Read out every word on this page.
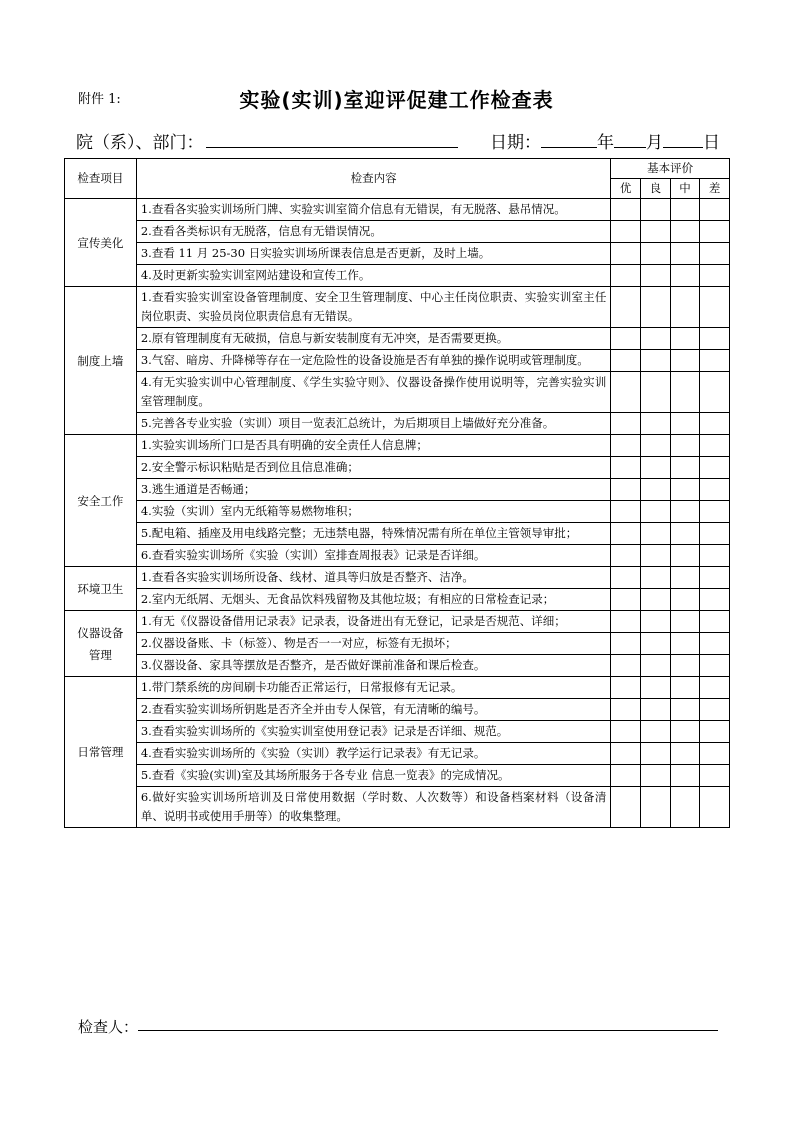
附件 1:	实验(实训)室迎评促建工作检查表
院（系）、部门：	日期：	年 月 日
检查项目	检查内容	基本评价			
		优	良	中	差

宣传美化	1.查看各实验实训场所门牌、实验实训室简介信息有无错误，有无脱落、悬吊情况。				

	2.查看各类标识有无脱落，信息有无错误情况。				

	3.查看 11 月 25-30 日实验实训场所课表信息是否更新，及时上墙。				

	4.及时更新实验实训室网站建设和宣传工作。				

制度上墙	1.查看实验实训室设备管理制度、安全卫生管理制度、中心主任岗位职责、实验实训室主任岗位职责、实验员岗位职责信息有无错误。				

	2.原有管理制度有无破损，信息与新安装制度有无冲突，是否需要更换。				

	3.气窑、暗房、升降梯等存在一定危险性的设备设施是否有单独的操作说明或管理制度。				

	4.有无实验实训中心管理制度、《学生实验守则》、仪器设备操作使用说明等，完善实验实训室管理制度。				

	5.完善各专业实验（实训）项目一览表汇总统计，为后期项目上墙做好充分准备。				

安全工作	1.实验实训场所门口是否具有明确的安全责任人信息牌；				

	2.安全警示标识粘贴是否到位且信息准确；				

	3.逃生通道是否畅通；				

	4.实验（实训）室内无纸箱等易燃物堆积；				

	5.配电箱、插座及用电线路完整；无违禁电器，特殊情况需有所在单位主管领导审批；				

	6.查看实验实训场所《实验（实训）室排查周报表》记录是否详细。				

环境卫生	1.查看各实验实训场所设备、线材、道具等归放是否整齐、洁净。				

	2.室内无纸屑、无烟头、无食品饮料残留物及其他垃圾；有相应的日常检查记录；				

仪器设备
管理	1.有无《仪器设备借用记录表》记录表，设备进出有无登记，记录是否规范、详细；				

	2.仪器设备账、卡（标签）、物是否一一对应，标签有无损坏；				

	3.仪器设备、家具等摆放是否整齐，是否做好课前准备和课后检查。				

日常管理	1.带门禁系统的房间刷卡功能否正常运行，日常报修有无记录。				

	2.查看实验实训场所钥匙是否齐全并由专人保管，有无清晰的编号。				

	3.查看实验实训场所的《实验实训室使用登记表》记录是否详细、规范。				

	4.查看实验实训场所的《实验（实训）教学运行记录表》有无记录。				

	5.查看《实验(实训)室及其场所服务于各专业 信息一览表》的完成情况。				

	6.做好实验实训场所培训及日常使用数据（学时数、人次数等）和设备档案材料（设备清单、说明书或使用手册等）的收集整理。				

检查人：
